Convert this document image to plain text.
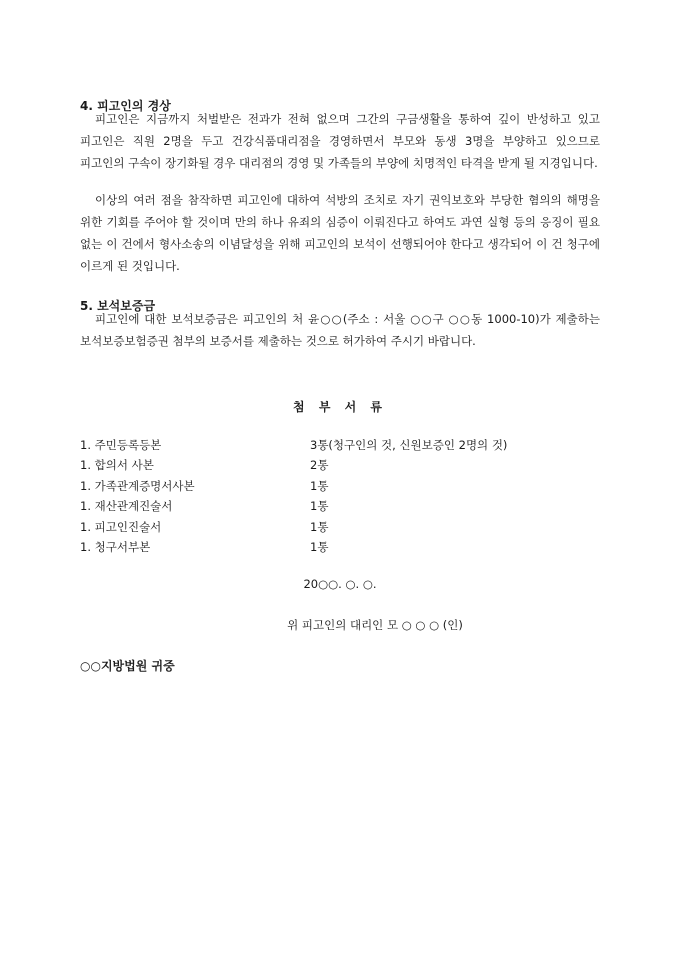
4. 피고인의 경상
피고인은 지금까지 처벌받은 전과가 전혀 없으며 그간의 구금생활을 통하여 깊이 반성하고 있고 피고인은 직원 2명을 두고 건강식품대리점을 경영하면서 부모와 동생 3명을 부양하고 있으므로 피고인의 구속이 장기화될 경우 대리점의 경영 및 가족들의 부양에 치명적인 타격을 받게 될 지경입니다.
이상의 여러 점을 참작하면 피고인에 대하여 석방의 조치로 자기 권익보호와 부당한 혐의의 해명을 위한 기회를 주어야 할 것이며 만의 하나 유죄의 심증이 이뤄진다고 하여도 과연 실형 등의 응징이 필요 없는 이 건에서 형사소송의 이념달성을 위해 피고인의 보석이 선행되어야 한다고 생각되어 이 건 청구에 이르게 된 것입니다.
5. 보석보증금
피고인에 대한 보석보증금은 피고인의 처 윤○○(주소 : 서울 ○○구 ○○동 1000-10)가 제출하는 보석보증보험증권 첨부의 보증서를 제출하는 것으로 허가하여 주시기 바랍니다.
첨 부 서 류
1. 주민등록등본	3통(청구인의 것, 신원보증인 2명의 것)
1. 합의서 사본	2통
1. 가족관계증명서사본	1통
1. 재산관계진술서	1통
1. 피고인진술서	1통
1. 청구서부본	1통
20○○. ○. ○.
위 피고인의 대리인 모 ○ ○ ○ (인)
○○지방법원 귀중
